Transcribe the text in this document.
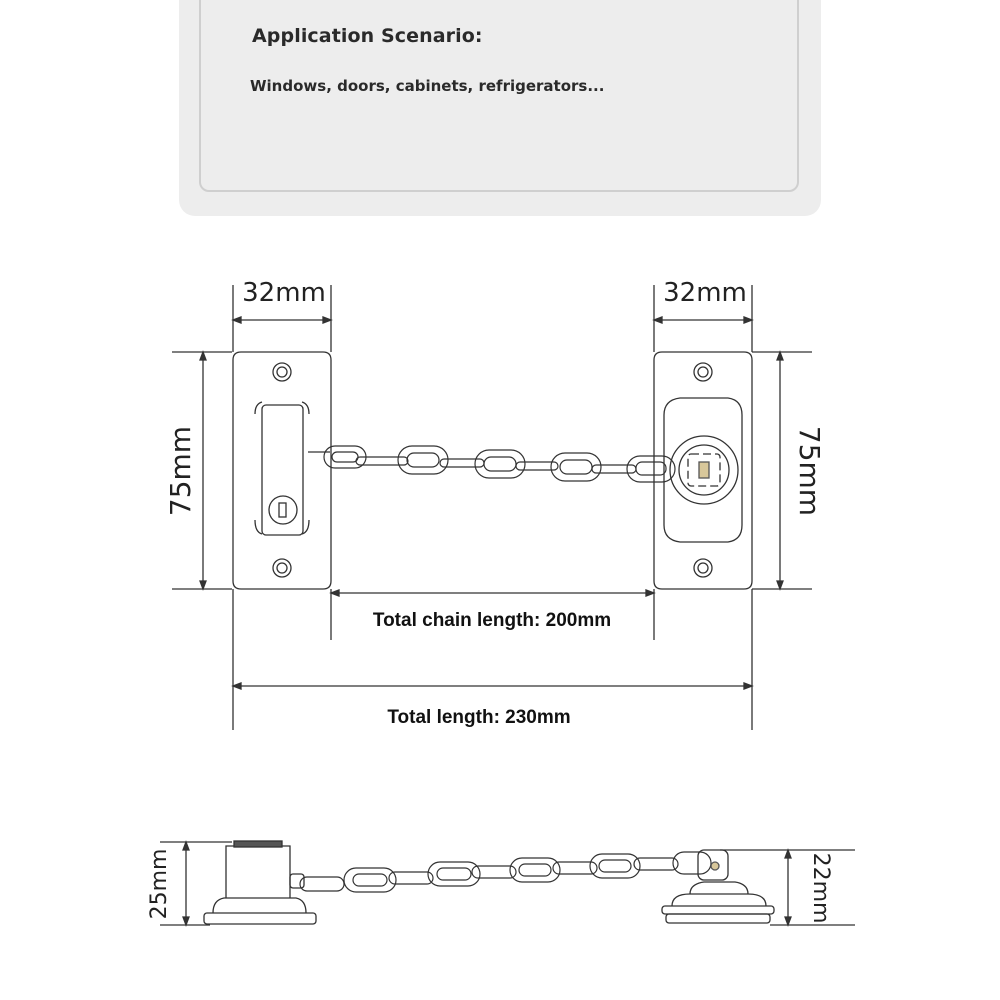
Application Scenario:
Windows, doors, cabinets, refrigerators...
32mm	32mm
75mm	75mm
Total chain length: 200mm
Total length: 230mm
25mm	22mm
